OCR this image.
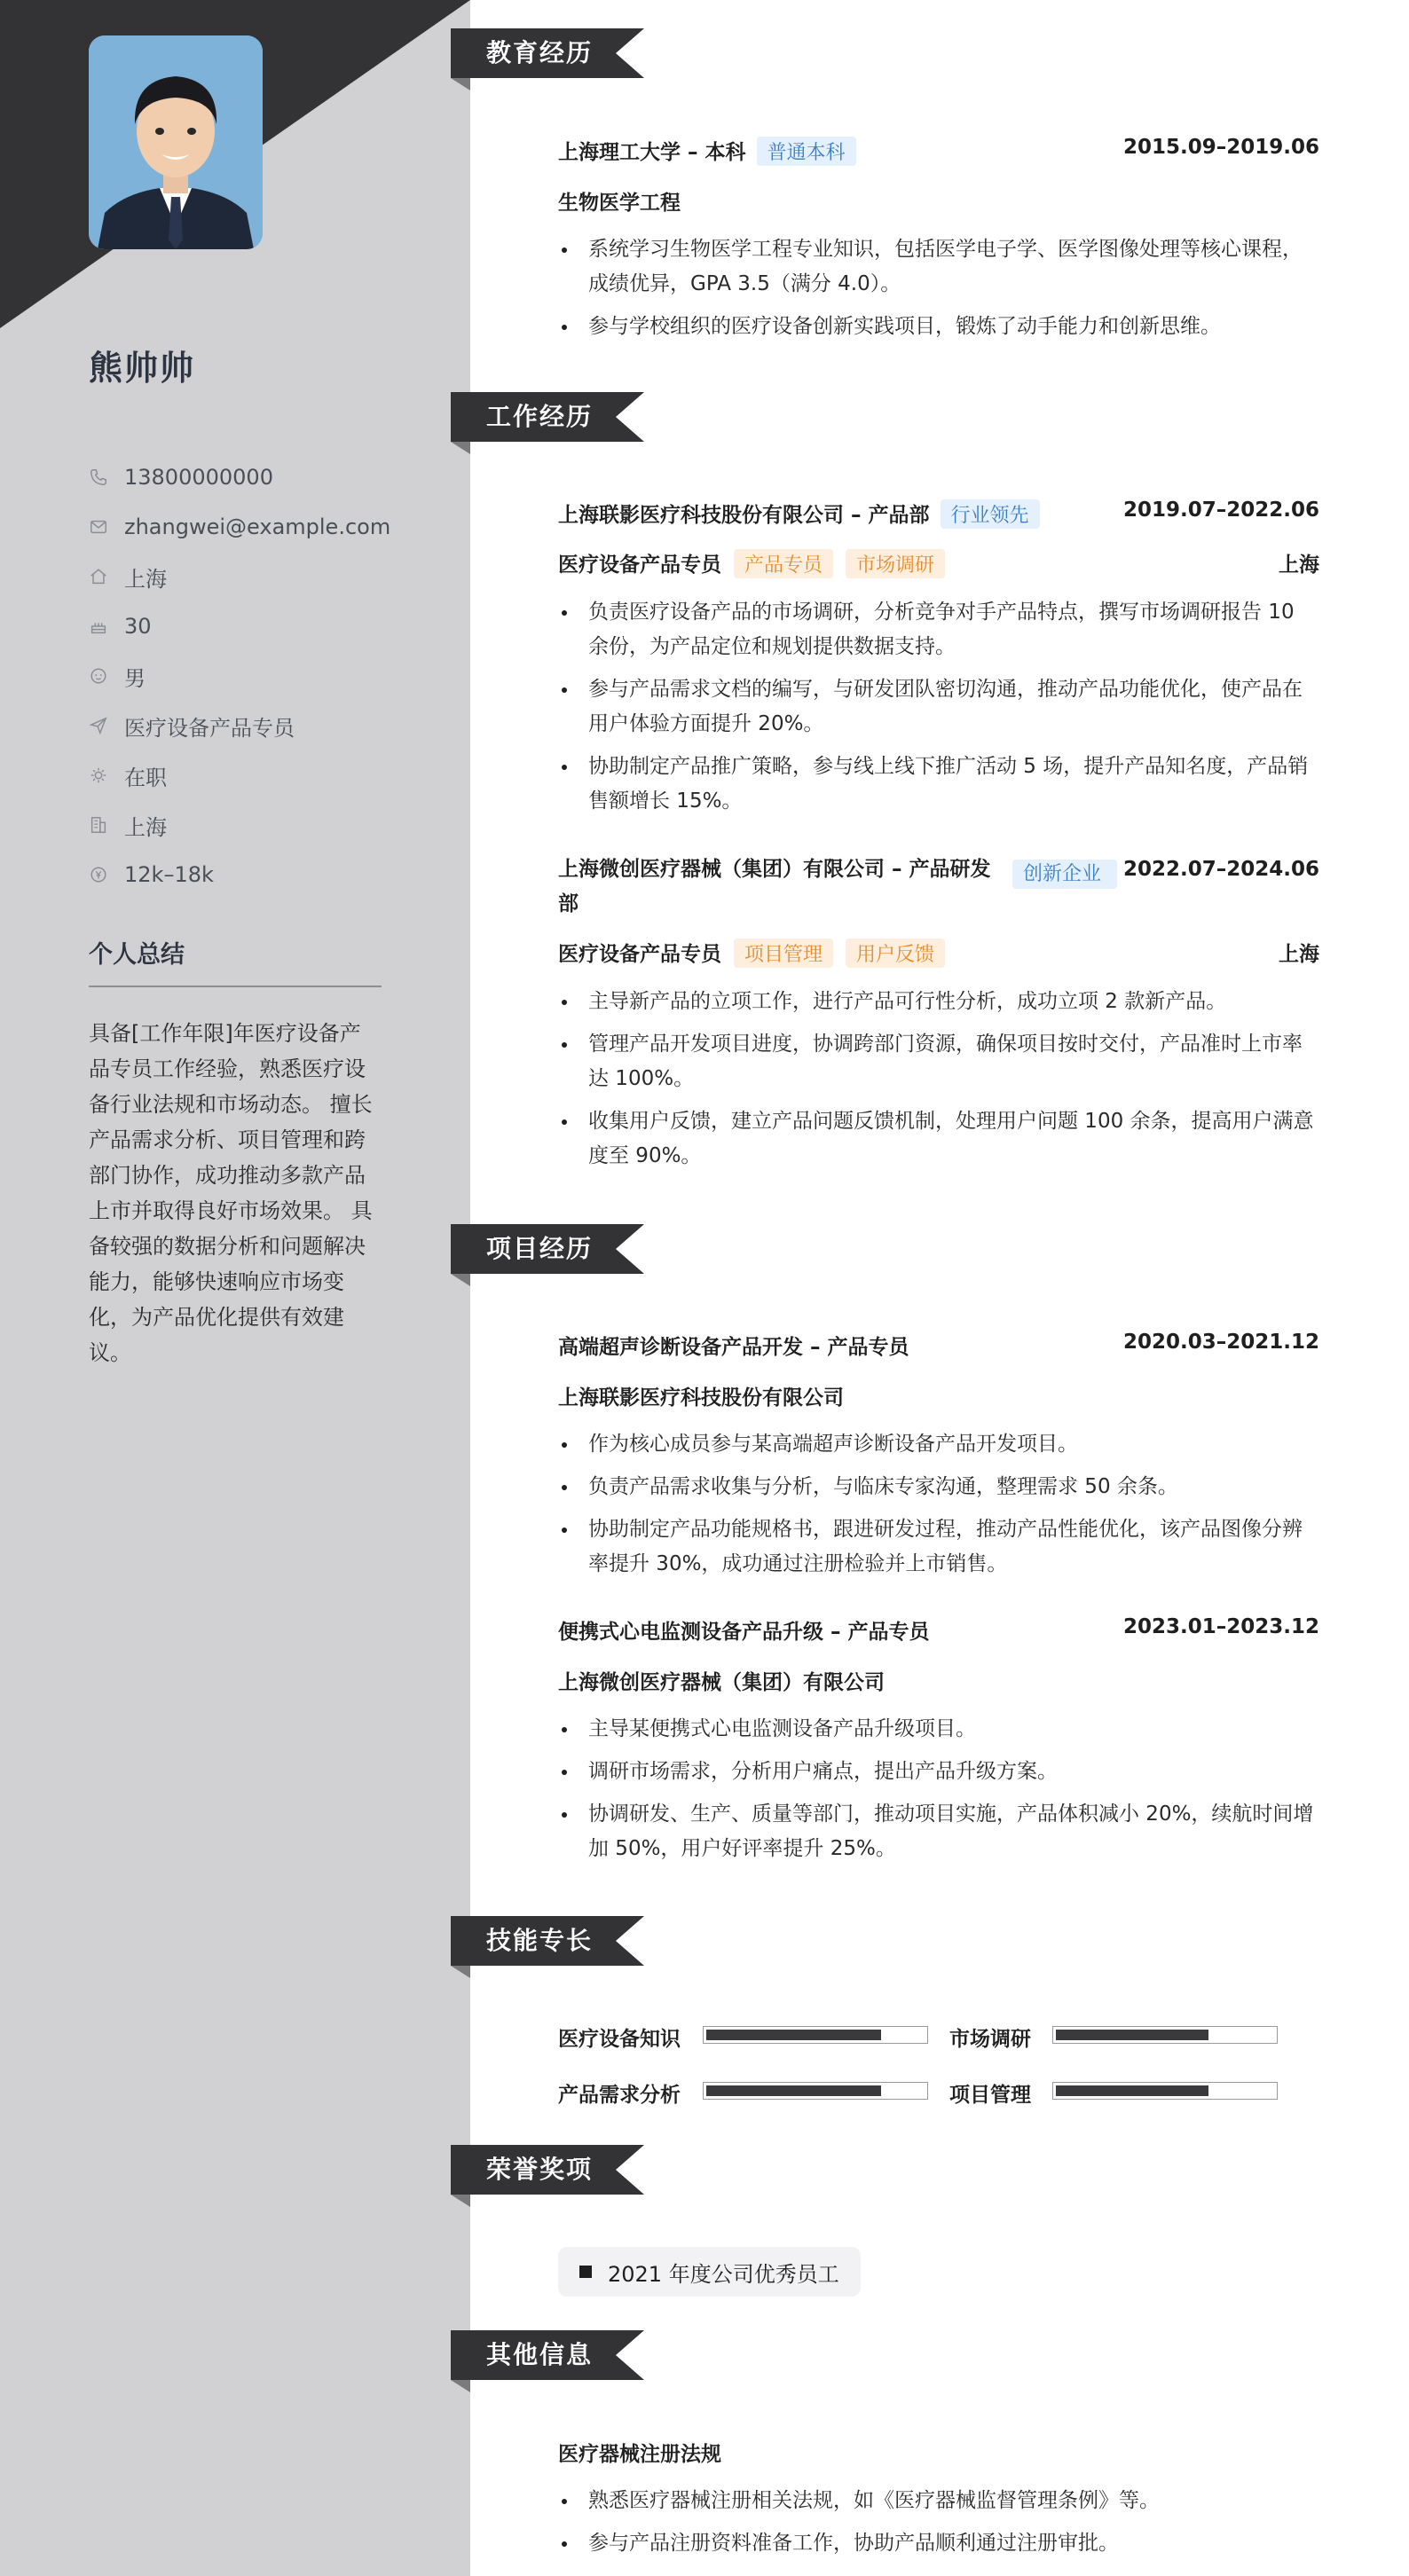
熊帅帅
13800000000
zhangwei@example.com
上海
30
男
医疗设备产品专员
在职
上海
12k–18k
个人总结
具备[工作年限]年医疗设备产品专员工作经验，熟悉医疗设备行业法规和市场动态。 擅长产品需求分析、项目管理和跨部门协作，成功推动多款产品上市并取得良好市场效果。 具备较强的数据分析和问题解决能力，能够快速响应市场变化，为产品优化提供有效建议。
教育经历
上海理工大学 – 本科 普通本科	2015.09–2019.06
生物医学工程
系统学习生物医学工程专业知识，包括医学电子学、医学图像处理等核心课程，成绩优异，GPA 3.5（满分 4.0）。
参与学校组织的医疗设备创新实践项目，锻炼了动手能力和创新思维。
工作经历
上海联影医疗科技股份有限公司 – 产品部 行业领先	2019.07–2022.06
医疗设备产品专员 产品专员 市场调研	上海
负责医疗设备产品的市场调研，分析竞争对手产品特点，撰写市场调研报告 10 余份，为产品定位和规划提供数据支持。
参与产品需求文档的编写，与研发团队密切沟通，推动产品功能优化，使产品在用户体验方面提升 20%。
协助制定产品推广策略，参与线上线下推广活动 5 场，提升产品知名度，产品销售额增长 15%。
上海微创医疗器械（集团）有限公司 – 产品研发部
创新企业	2022.07–2024.06
医疗设备产品专员 项目管理 用户反馈	上海
主导新产品的立项工作，进行产品可行性分析，成功立项 2 款新产品。
管理产品开发项目进度，协调跨部门资源，确保项目按时交付，产品准时上市率达 100%。
收集用户反馈，建立产品问题反馈机制，处理用户问题 100 余条，提高用户满意度至 90%。
项目经历
高端超声诊断设备产品开发 – 产品专员	2020.03–2021.12
上海联影医疗科技股份有限公司
作为核心成员参与某高端超声诊断设备产品开发项目。
负责产品需求收集与分析，与临床专家沟通，整理需求 50 余条。
协助制定产品功能规格书，跟进研发过程，推动产品性能优化，该产品图像分辨率提升 30%，成功通过注册检验并上市销售。
便携式心电监测设备产品升级 – 产品专员	2023.01–2023.12
上海微创医疗器械（集团）有限公司
主导某便携式心电监测设备产品升级项目。
调研市场需求，分析用户痛点，提出产品升级方案。
协调研发、生产、质量等部门，推动项目实施，产品体积减小 20%，续航时间增加 50%，用户好评率提升 25%。
技能专长
医疗设备知识	市场调研
产品需求分析	项目管理
荣誉奖项
2021 年度公司优秀员工
其他信息
医疗器械注册法规
熟悉医疗器械注册相关法规，如《医疗器械监督管理条例》等。
参与产品注册资料准备工作，协助产品顺利通过注册审批。
